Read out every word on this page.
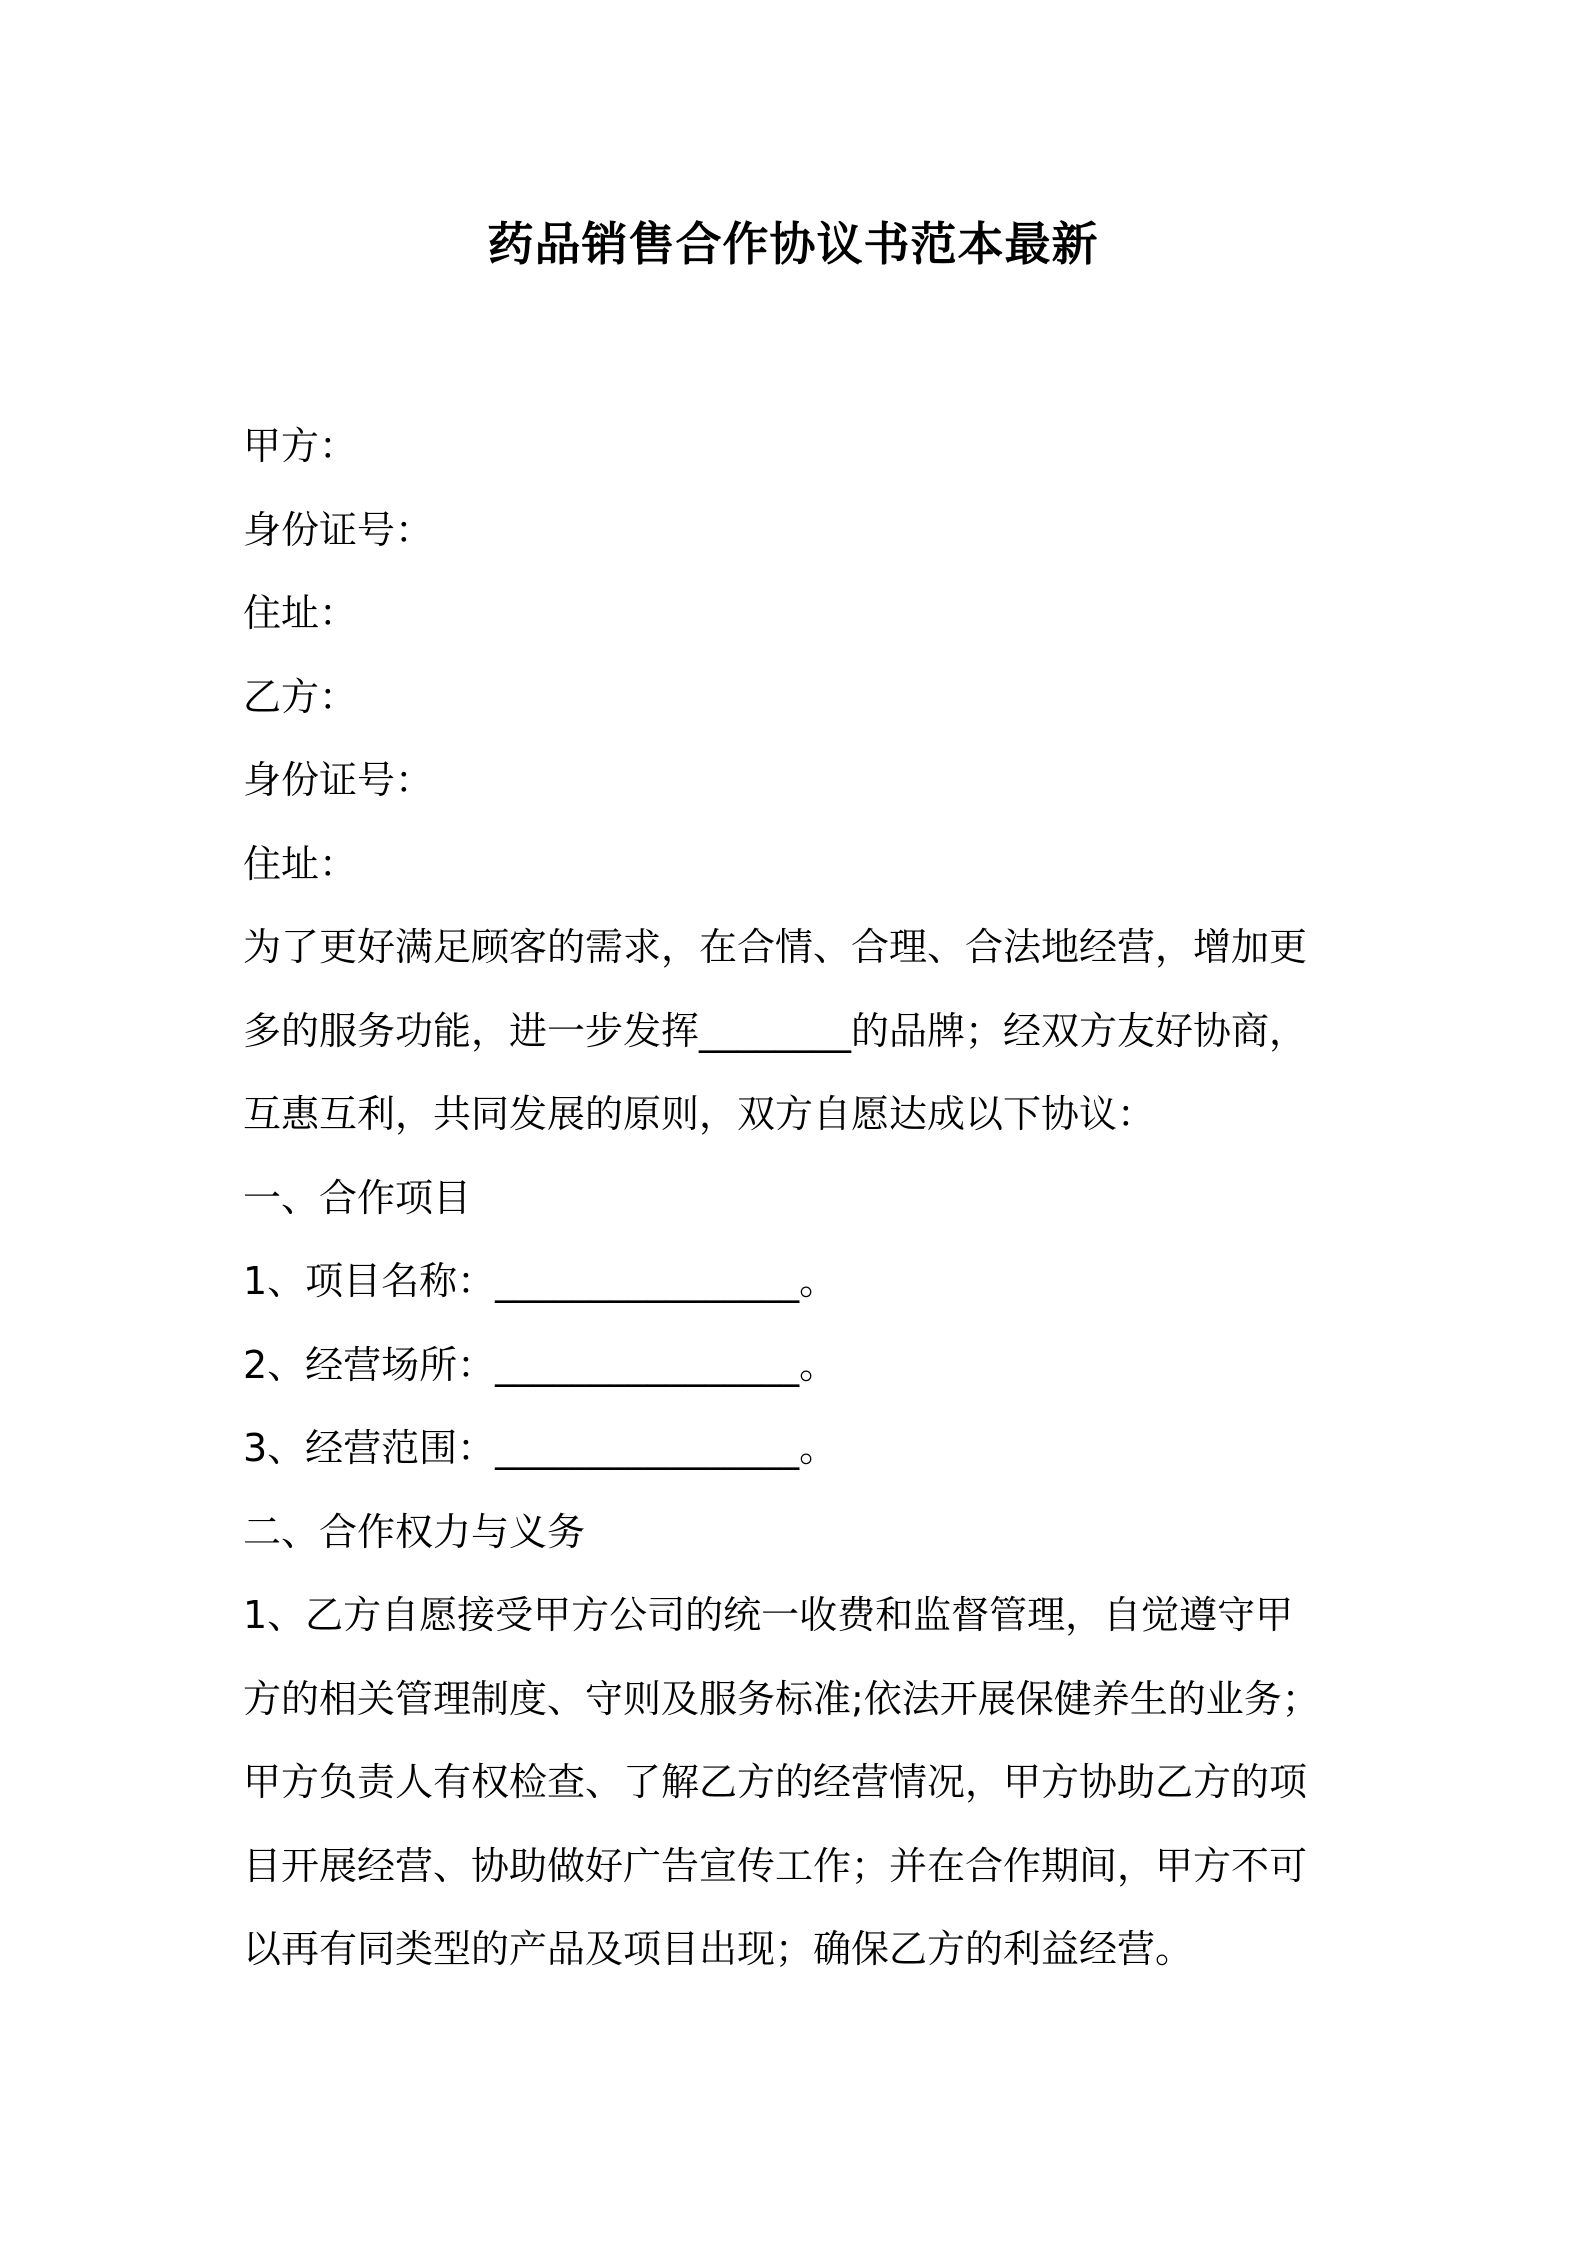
药品销售合作协议书范本最新
甲方：
身份证号：
住址：
乙方：
身份证号：
住址：
为了更好满足顾客的需求，在合情、合理、合法地经营，增加更
多的服务功能，进一步发挥________的品牌；经双方友好协商，
互惠互利，共同发展的原则，双方自愿达成以下协议：
一、合作项目
1、项目名称：________________。
2、经营场所：________________。
3、经营范围：________________。
二、合作权力与义务
1、乙方自愿接受甲方公司的统一收费和监督管理，自觉遵守甲
方的相关管理制度、守则及服务标准;依法开展保健养生的业务；
甲方负责人有权检查、了解乙方的经营情况，甲方协助乙方的项
目开展经营、协助做好广告宣传工作；并在合作期间，甲方不可
以再有同类型的产品及项目出现；确保乙方的利益经营。
